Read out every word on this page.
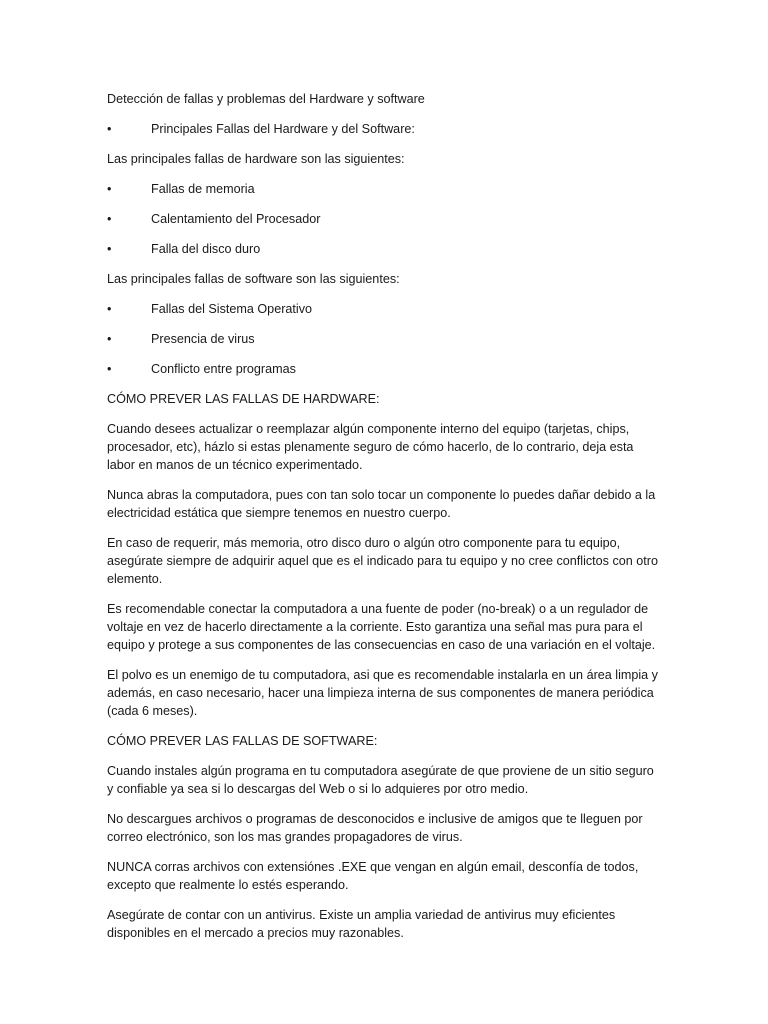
Detección de fallas y problemas del Hardware y software

•	Principales Fallas del Hardware y del Software:

Las principales fallas de hardware son las siguientes:

•	Fallas de memoria
•	Calentamiento del Procesador
•	Falla del disco duro

Las principales fallas de software son las siguientes:

•	Fallas del Sistema Operativo
•	Presencia de virus
•	Conflicto entre programas

CÓMO PREVER LAS FALLAS DE HARDWARE:

Cuando desees actualizar o reemplazar algún componente interno del equipo (tarjetas, chips,
procesador, etc), házlo si estas plenamente seguro de cómo hacerlo, de lo contrario, deja esta
labor en manos de un técnico experimentado.

Nunca abras la computadora, pues con tan solo tocar un componente lo puedes dañar debido a la
electricidad estática que siempre tenemos en nuestro cuerpo.

En caso de requerir, más memoria, otro disco duro o algún otro componente para tu equipo,
asegúrate siempre de adquirir aquel que es el indicado para tu equipo y no cree conflictos con otro
elemento.

Es recomendable conectar la computadora a una fuente de poder (no-break) o a un regulador de
voltaje en vez de hacerlo directamente a la corriente. Esto garantiza una señal mas pura para el
equipo y protege a sus componentes de las consecuencias en caso de una variación en el voltaje.

El polvo es un enemigo de tu computadora, asi que es recomendable instalarla en un área limpia y
además, en caso necesario, hacer una limpieza interna de sus componentes de manera periódica
(cada 6 meses).

CÓMO PREVER LAS FALLAS DE SOFTWARE:

Cuando instales algún programa en tu computadora asegúrate de que proviene de un sitio seguro
y confiable ya sea si lo descargas del Web o si lo adquieres por otro medio.

No descargues archivos o programas de desconocidos e inclusive de amigos que te lleguen por
correo electrónico, son los mas grandes propagadores de virus.

NUNCA corras archivos con extensiónes .EXE que vengan en algún email, desconfía de todos,
excepto que realmente lo estés esperando.

Asegúrate de contar con un antivirus. Existe un amplia variedad de antivirus muy eficientes
disponibles en el mercado a precios muy razonables.
